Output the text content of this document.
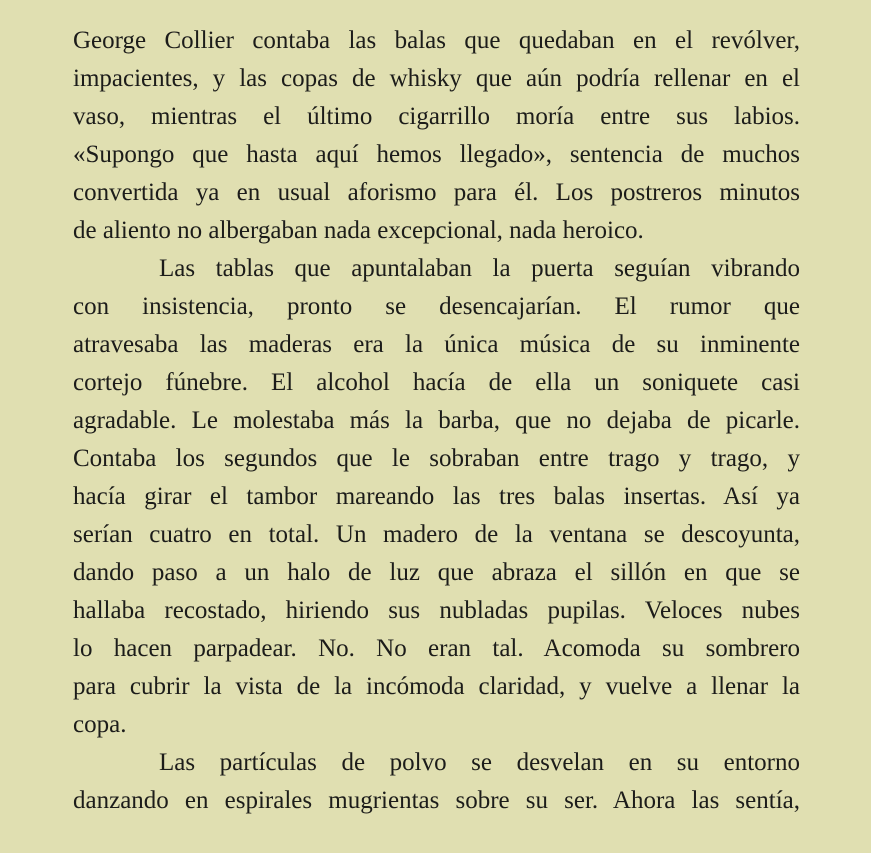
George Collier contaba las balas que quedaban en el revólver,
impacientes, y las copas de whisky que aún podría rellenar en el
vaso, mientras el último cigarrillo moría entre sus labios.
«Supongo que hasta aquí hemos llegado», sentencia de muchos
convertida ya en usual aforismo para él. Los postreros minutos
de aliento no albergaban nada excepcional, nada heroico.
Las tablas que apuntalaban la puerta seguían vibrando
con insistencia, pronto se desencajarían. El rumor que
atravesaba las maderas era la única música de su inminente
cortejo fúnebre. El alcohol hacía de ella un soniquete casi
agradable. Le molestaba más la barba, que no dejaba de picarle.
Contaba los segundos que le sobraban entre trago y trago, y
hacía girar el tambor mareando las tres balas insertas. Así ya
serían cuatro en total. Un madero de la ventana se descoyunta,
dando paso a un halo de luz que abraza el sillón en que se
hallaba recostado, hiriendo sus nubladas pupilas. Veloces nubes
lo hacen parpadear. No. No eran tal. Acomoda su sombrero
para cubrir la vista de la incómoda claridad, y vuelve a llenar la
copa.
Las partículas de polvo se desvelan en su entorno
danzando en espirales mugrientas sobre su ser. Ahora las sentía,
